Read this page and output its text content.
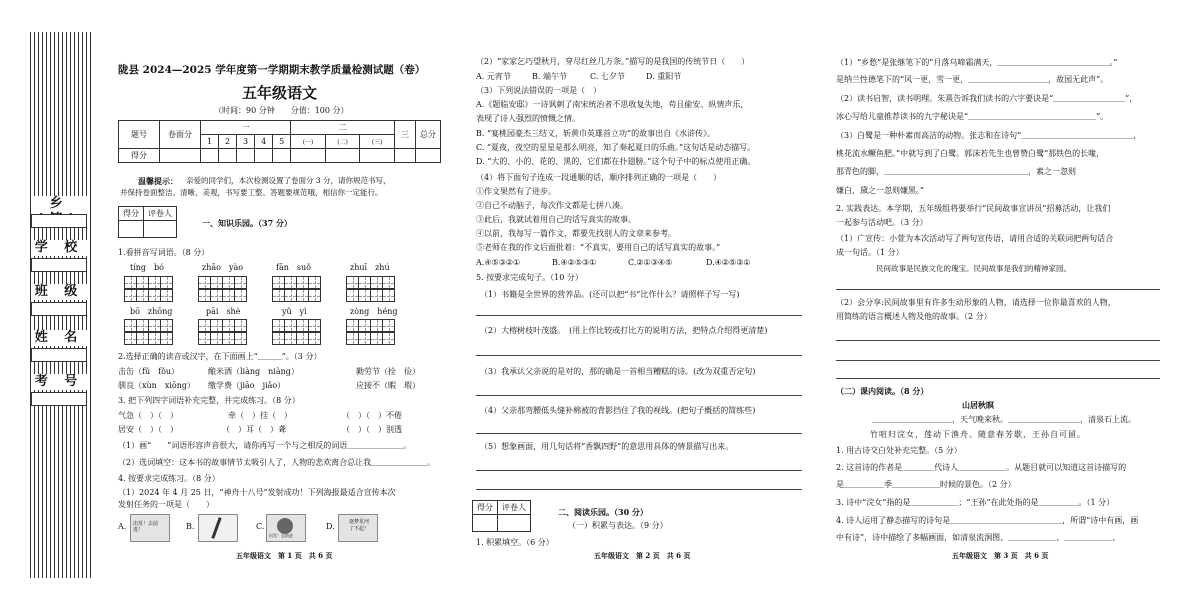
乡
学 校
班 级
姓 名
考 号
陇县 2024—2025 学年度第一学期期末教学质量检测试题（卷）
五年级语文
（时间：90 分钟　　分值：100 分）
题号	卷面分	一					二			三	总分
		1	2	3	4	5	(一)	(二)	(三)		
得分											
温馨提示： 亲爱的同学们，本次检测设置了卷面分 3 分，请你规范书写，
并保持卷面整洁、清晰、美观，书写要工整、答题要规范哦，相信你一定能行。
得分	评卷人

一、知识乐园。（37 分）
1.看拼音写词语。（8 分）
tíng　bó	zhāo　yào	fān　suǒ	zhuī　zhú
bō　zhōng	pāi　shè	yǔ　yì	zòng　héng
2.选择正确的读音或汉字，在下面画上“＿＿＿”。（3 分）
击缶（fǔ　fǒu）	酿米酒（liàng　niàng）	勤劳节（拴　俭）
驯良（xùn　xiōng） 缴学费（jiāo　jiǎo）	应接不（暇　瑕）
3. 把下列四字词语补充完整，并完成练习。（8 分）
气急（　）（　）	牵（　）挂（　）	（　）（　）不倦
居安（　）（　）	（　）耳（　）聋	（　）（　）别透
（1）画“　　”词语形容声音很大，请你再写一个与之相反的词语＿＿＿＿＿＿＿。
（2）选词填空：这本书的故事情节太吸引人了，人物的悲欢离合总让我＿＿＿＿＿＿＿。
4. 按要求完成练习。（8 分）
（1）2024 年 4 月 25 日，“神舟十八号”发射成功！下列海报最适合宣传本次
发射任务的一项是（　　）
A. 出发！去前进！	B.	C.
出发！去前进
D.	逐梦星河 了不起！
五年级语文　第 1 页　共 6 页
（2）“家家乞巧望秋月，穿尽红丝几万条。”描写的是我国的传统节日（　　）
A. 元宵节	B. 端午节	C. 七夕节	D. 重阳节
（3）下列说法错误的一项是（　）
A.《题临安邸》一诗讽刺了南宋统治者不思收复失地，苟且偷安、纵情声乐，
表现了诗人强烈的愤慨之情。
B. “宴桃园豪杰三结义，斩黄巾英雄首立功”的故事出自《水浒传》。
C. “夏夜，夜空的星星是那么明亮，知了奏起夏日的乐曲。”这句话是动态描写。
D. “大的、小的、花的、黑的，它们都在扑翅膀。”这个句子中的标点使用正确。
（4）将下面句子连成一段通顺的话，顺序排列正确的一项是（　　）
①作文果然有了进步。
②自己不动脑子，每次作文都是七拼八凑。
③此后，我就试着用自己的话写真实的故事。
④以前，我每写一篇作文，都要先找别人的文章来参考。
⑤老师在我的作文后面批着：“不真实，要用自己的话写真实的故事。”
A.④⑤③②①	B.④②⑤③①	C.②①③④⑤	D.④②⑤③①
5. 按要求完成句子。（10 分）
（1）书籍是全世界的营养品。(还可以把“书”比作什么？请照样子写一写)
（2）大榕树枝叶茂盛。　(用上作比较或打比方的说明方法，把特点介绍得更清楚)
（3）我承认父亲说的是对的，那的确是一首相当糟糕的诗。(改为双重否定句)
（4）父亲那弯腰低头缝补棉被的背影挡住了我的视线。(把句子概括的简练些)
（5）想象画面，用几句话将“香飘四野”的意思用具体的情景描写出来。
得分	评卷人
		二、阅读乐园。（30 分）
（一）积累与表达。（9 分）
1. 积累填空。（6 分）
五年级语文　第 2 页　共 6 页
（1）“乡愁”是张继笔下的“月落乌啼霜满天，＿＿＿＿＿＿＿＿＿＿＿＿＿＿。”
是纳兰性德笔下的“风一更，雪一更，＿＿＿＿＿＿＿＿＿＿，故园无此声”。
（2）读书启智，读书明理。朱熹告诉我们读书的六字要诀是“＿＿＿＿＿＿＿＿＿”，
冰心写给儿童推荐读书的九字秘诀是“＿＿＿＿＿＿＿＿＿＿＿＿＿＿＿＿”。
（3）白鹭是一种朴素而高洁的动物。张志和在诗句“＿＿＿＿＿＿＿＿＿＿＿＿＿＿，
桃花流水鳜鱼肥。”中就写到了白鹭。郭沫若先生也曾赞白鹭“那铁色的长喙，
那青色的脚，＿＿＿＿＿＿＿＿＿＿＿＿＿＿＿＿＿＿，素之一忽则
嫌白，黛之一忽则嫌黑。”
2. 实践表达。本学期，五年级组将要举行“民间故事宣讲员”招募活动，让我们
一起参与活动吧。（3 分）
（1）广宣传：小萱为本次活动写了两句宣传语，请用合适的关联词把两句话合
成一句话。（1 分）
民间故事是民族文化的瑰宝。民间故事是我们的精神家园。
（2）会分享:民间故事里有许多生动形象的人物，请选择一位你最喜欢的人物，
用简练的语言概述人物及他的故事。（2 分）
（二）课内阅读。（8 分）
山居秋暝
＿＿＿＿＿＿＿＿＿＿，天气晚来秋。＿＿＿＿＿＿＿＿＿，清泉石上流。
竹喧归浣女，莲动下渔舟。随意春芳歇，王孙自可留。
1. 用古诗交白处补充完整。（5 分）
2. 这首诗的作者是＿＿＿＿代诗人＿＿＿＿＿＿。从题目就可以知道这首诗描写的
是＿＿＿＿＿季＿＿＿＿＿＿时候的景色。（2 分）
3. 诗中“浣女”指的是＿＿＿＿＿＿；“王孙”在此处指的是＿＿＿＿＿。（1 分）
4. 诗人运用了静态描写的诗句是＿＿＿＿＿＿＿＿＿＿＿＿＿＿，所谓“诗中有画，画
中有诗”，诗中描绘了多幅画面，如清泉流涧图、＿＿＿＿＿＿、＿＿＿＿＿＿、
五年级语文　第 3 页　共 6 页
